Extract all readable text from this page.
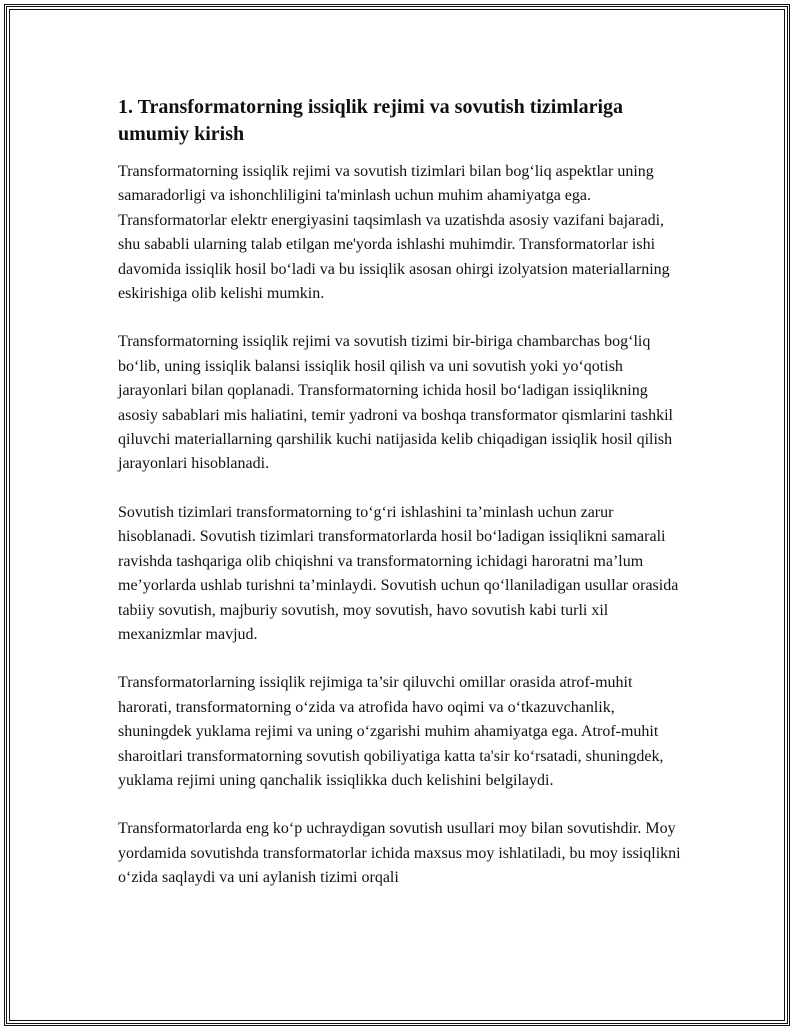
1. Transformatorning issiqlik rejimi va sovutish tizimlariga umumiy kirish

Transformatorning issiqlik rejimi va sovutish tizimlari bilan bog‘liq aspektlar uning samaradorligi va ishonchliligini ta'minlash uchun muhim ahamiyatga ega. Transformatorlar elektr energiyasini taqsimlash va uzatishda asosiy vazifani bajaradi, shu sababli ularning talab etilgan me'yorda ishlashi muhimdir. Transformatorlar ishi davomida issiqlik hosil bo‘ladi va bu issiqlik asosan ohirgi izolyatsion materiallarning eskirishiga olib kelishi mumkin.

Transformatorning issiqlik rejimi va sovutish tizimi bir-biriga chambarchas bog‘liq bo‘lib, uning issiqlik balansi issiqlik hosil qilish va uni sovutish yoki yo‘qotish jarayonlari bilan qoplanadi. Transformatorning ichida hosil bo‘ladigan issiqlikning asosiy sabablari mis haliatini, temir yadroni va boshqa transformator qismlarini tashkil qiluvchi materiallarning qarshilik kuchi natijasida kelib chiqadigan issiqlik hosil qilish jarayonlari hisoblanadi.

Sovutish tizimlari transformatorning to‘g‘ri ishlashini ta’minlash uchun zarur hisoblanadi. Sovutish tizimlari transformatorlarda hosil bo‘ladigan issiqlikni samarali ravishda tashqariga olib chiqishni va transformatorning ichidagi haroratni ma’lum me’yorlarda ushlab turishni ta’minlaydi. Sovutish uchun qo‘llaniladigan usullar orasida tabiiy sovutish, majburiy sovutish, moy sovutish, havo sovutish kabi turli xil mexanizmlar mavjud.

Transformatorlarning issiqlik rejimiga ta’sir qiluvchi omillar orasida atrof-muhit harorati, transformatorning o‘zida va atrofida havo oqimi va o‘tkazuvchanlik, shuningdek yuklama rejimi va uning o‘zgarishi muhim ahamiyatga ega. Atrof-muhit sharoitlari transformatorning sovutish qobiliyatiga katta ta'sir ko‘rsatadi, shuningdek, yuklama rejimi uning qanchalik issiqlikka duch kelishini belgilaydi.

Transformatorlarda eng ko‘p uchraydigan sovutish usullari moy bilan sovutishdir. Moy yordamida sovutishda transformatorlar ichida maxsus moy ishlatiladi, bu moy issiqlikni o‘zida saqlaydi va uni aylanish tizimi orqali
